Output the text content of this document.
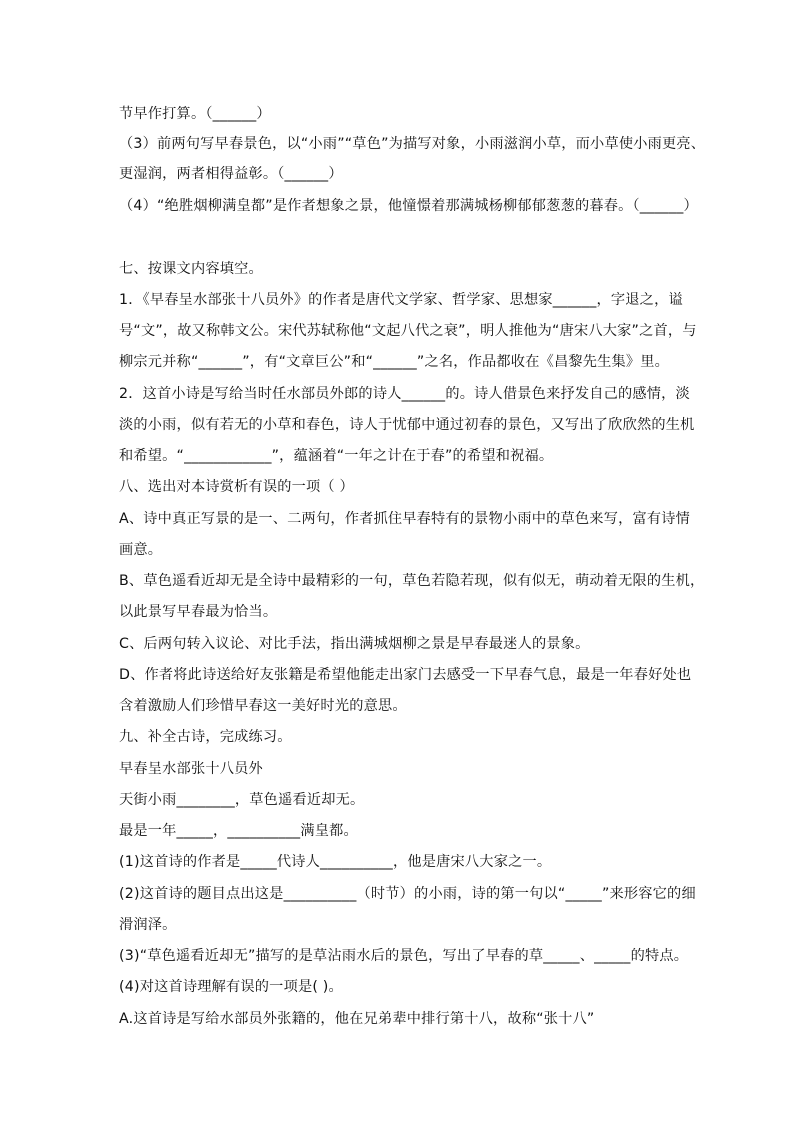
节早作打算。（______）
（3）前两句写早春景色，以“小雨”“草色”为描写对象，小雨滋润小草，而小草使小雨更亮、
更湿润，两者相得益彰。（______）
（4）“绝胜烟柳满皇都”是作者想象之景，他憧憬着那满城杨柳郁郁葱葱的暮春。（______）
七、按课文内容填空。
1．《早春呈水部张十八员外》的作者是唐代文学家、哲学家、思想家______，字退之，谥
号“文”，故又称韩文公。宋代苏轼称他“文起八代之衰”，明人推他为“唐宋八大家”之首，与
柳宗元并称“______”，有“文章巨公”和“______”之名，作品都收在《昌黎先生集》里。
2．这首小诗是写给当时任水部员外郎的诗人______的。诗人借景色来抒发自己的感情，淡
淡的小雨，似有若无的小草和春色，诗人于忧郁中通过初春的景色，又写出了欣欣然的生机
和希望。“____________”，蕴涵着“一年之计在于春”的希望和祝福。
八、选出对本诗赏析有误的一项（ ）
A、诗中真正写景的是一、二两句，作者抓住早春特有的景物小雨中的草色来写，富有诗情
画意。
B、草色遥看近却无是全诗中最精彩的一句，草色若隐若现，似有似无，萌动着无限的生机，
以此景写早春最为恰当。
C、后两句转入议论、对比手法，指出满城烟柳之景是早春最迷人的景象。
D、作者将此诗送给好友张籍是希望他能走出家门去感受一下早春气息，最是一年春好处也
含着激励人们珍惜早春这一美好时光的意思。
九、补全古诗，完成练习。
早春呈水部张十八员外
天街小雨________，草色遥看近却无。
最是一年_____，__________满皇都。
(1)这首诗的作者是_____代诗人__________，他是唐宋八大家之一。
(2)这首诗的题目点出这是__________（时节）的小雨，诗的第一句以“_____”来形容它的细
滑润泽。
(3)“草色遥看近却无”描写的是草沾雨水后的景色，写出了早春的草_____、_____的特点。
(4)对这首诗理解有误的一项是( )。
A.这首诗是写给水部员外张籍的，他在兄弟辈中排行第十八，故称“张十八”
